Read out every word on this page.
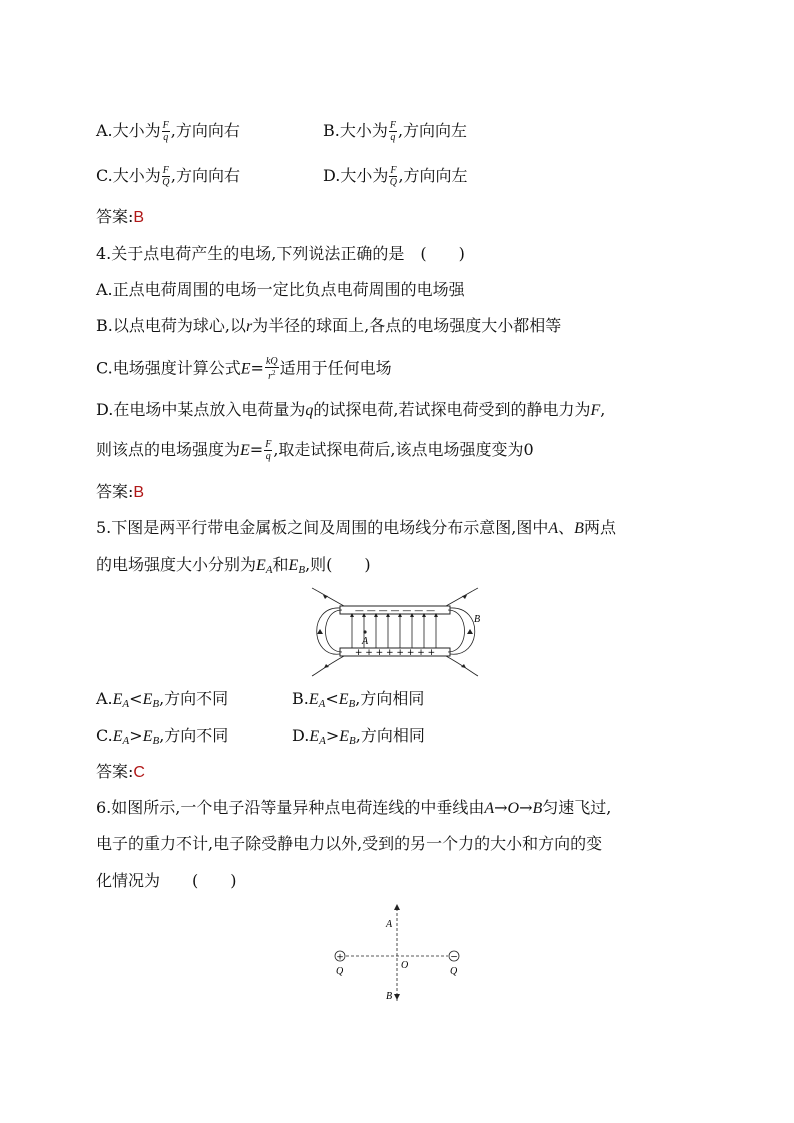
A.大小为 $\frac{F}{q}$ ,方向向右	B.大小为 $\frac{F}{q}$ ,方向向左
C.大小为 $\frac{F}{Q}$ ,方向向右	D.大小为 $\frac{F}{Q}$ ,方向向左
答案:B
4.关于点电荷产生的电场,下列说法正确的是　(　　)
A.正点电荷周围的电场一定比负点电荷周围的电场强
B.以点电荷为球心,以r为半径的球面上,各点的电场强度大小都相等
C.电场强度计算公式$E= \frac{kQ}{r^2}$ 适用于任何电场
D.在电场中某点放入电荷量为q的试探电荷,若试探电荷受到的静电力为F,
则该点的电场强度为$E= \frac{F}{q}$ ,取走试探电荷后,该点电场强度变为0
答案:B
5.下图是两平行带电金属板之间及周围的电场线分布示意图,图中A、B两点
的电场强度大小分别为$E_A$和$E_B$,则(　　)
— — — — — — —
+ + + + + + + +
A
B
$A.E_A<E_B$,方向不同	$B.E_A<E_B$,方向相同
$C.E_A>E_B$,方向不同	$D.E_A>E_B$,方向相同
答案:C
6.如图所示,一个电子沿等量异种点电荷连线的中垂线由A→O→B匀速飞过,
电子的重力不计,电子除受静电力以外,受到的另一个力的大小和方向的变
化情况为　　(　　)
+	−
Q	Q
A
O
B
